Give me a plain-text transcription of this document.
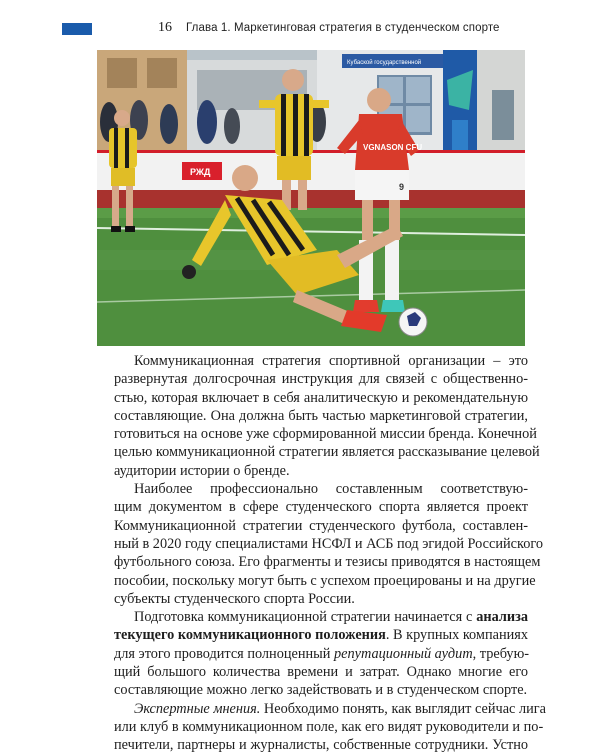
16 Глава 1. Маркетинговая стратегия в студенческом спорте
Кубаской государственной
РЖД
VGNASON CFU
9
Коммуникационная стратегия спортивной организации – это
развернутая долгосрочная инструкция для связей с общественно-
стью, которая включает в себя аналитическую и рекомендательную
составляющие. Она должна быть частью маркетинговой стратегии,
готовиться на основе уже сформированной миссии бренда. Конечной
целью коммуникационной стратегии является рассказывание целевой
аудитории истории о бренде.
Наиболее профессионально составленным соответствую-
щим документом в сфере студенческого спорта является проект
Коммуникационной стратегии студенческого футбола, составлен-
ный в 2020 году специалистами НСФЛ и АСБ под эгидой Российского
футбольного союза. Его фрагменты и тезисы приводятся в настоящем
пособии, поскольку могут быть с успехом проецированы и на другие
субъекты студенческого спорта России.
Подготовка коммуникационной стратегии начинается с анализа
текущего коммуникационного положения. В крупных компаниях
для этого проводится полноценный репутационный аудит, требую-
щий большого количества времени и затрат. Однако многие его
составляющие можно легко задействовать и в студенческом спорте.
Экспертные мнения. Необходимо понять, как выглядит сейчас лига
или клуб в коммуникационном поле, как его видят руководители и по-
печители, партнеры и журналисты, собственные сотрудники. Устно
